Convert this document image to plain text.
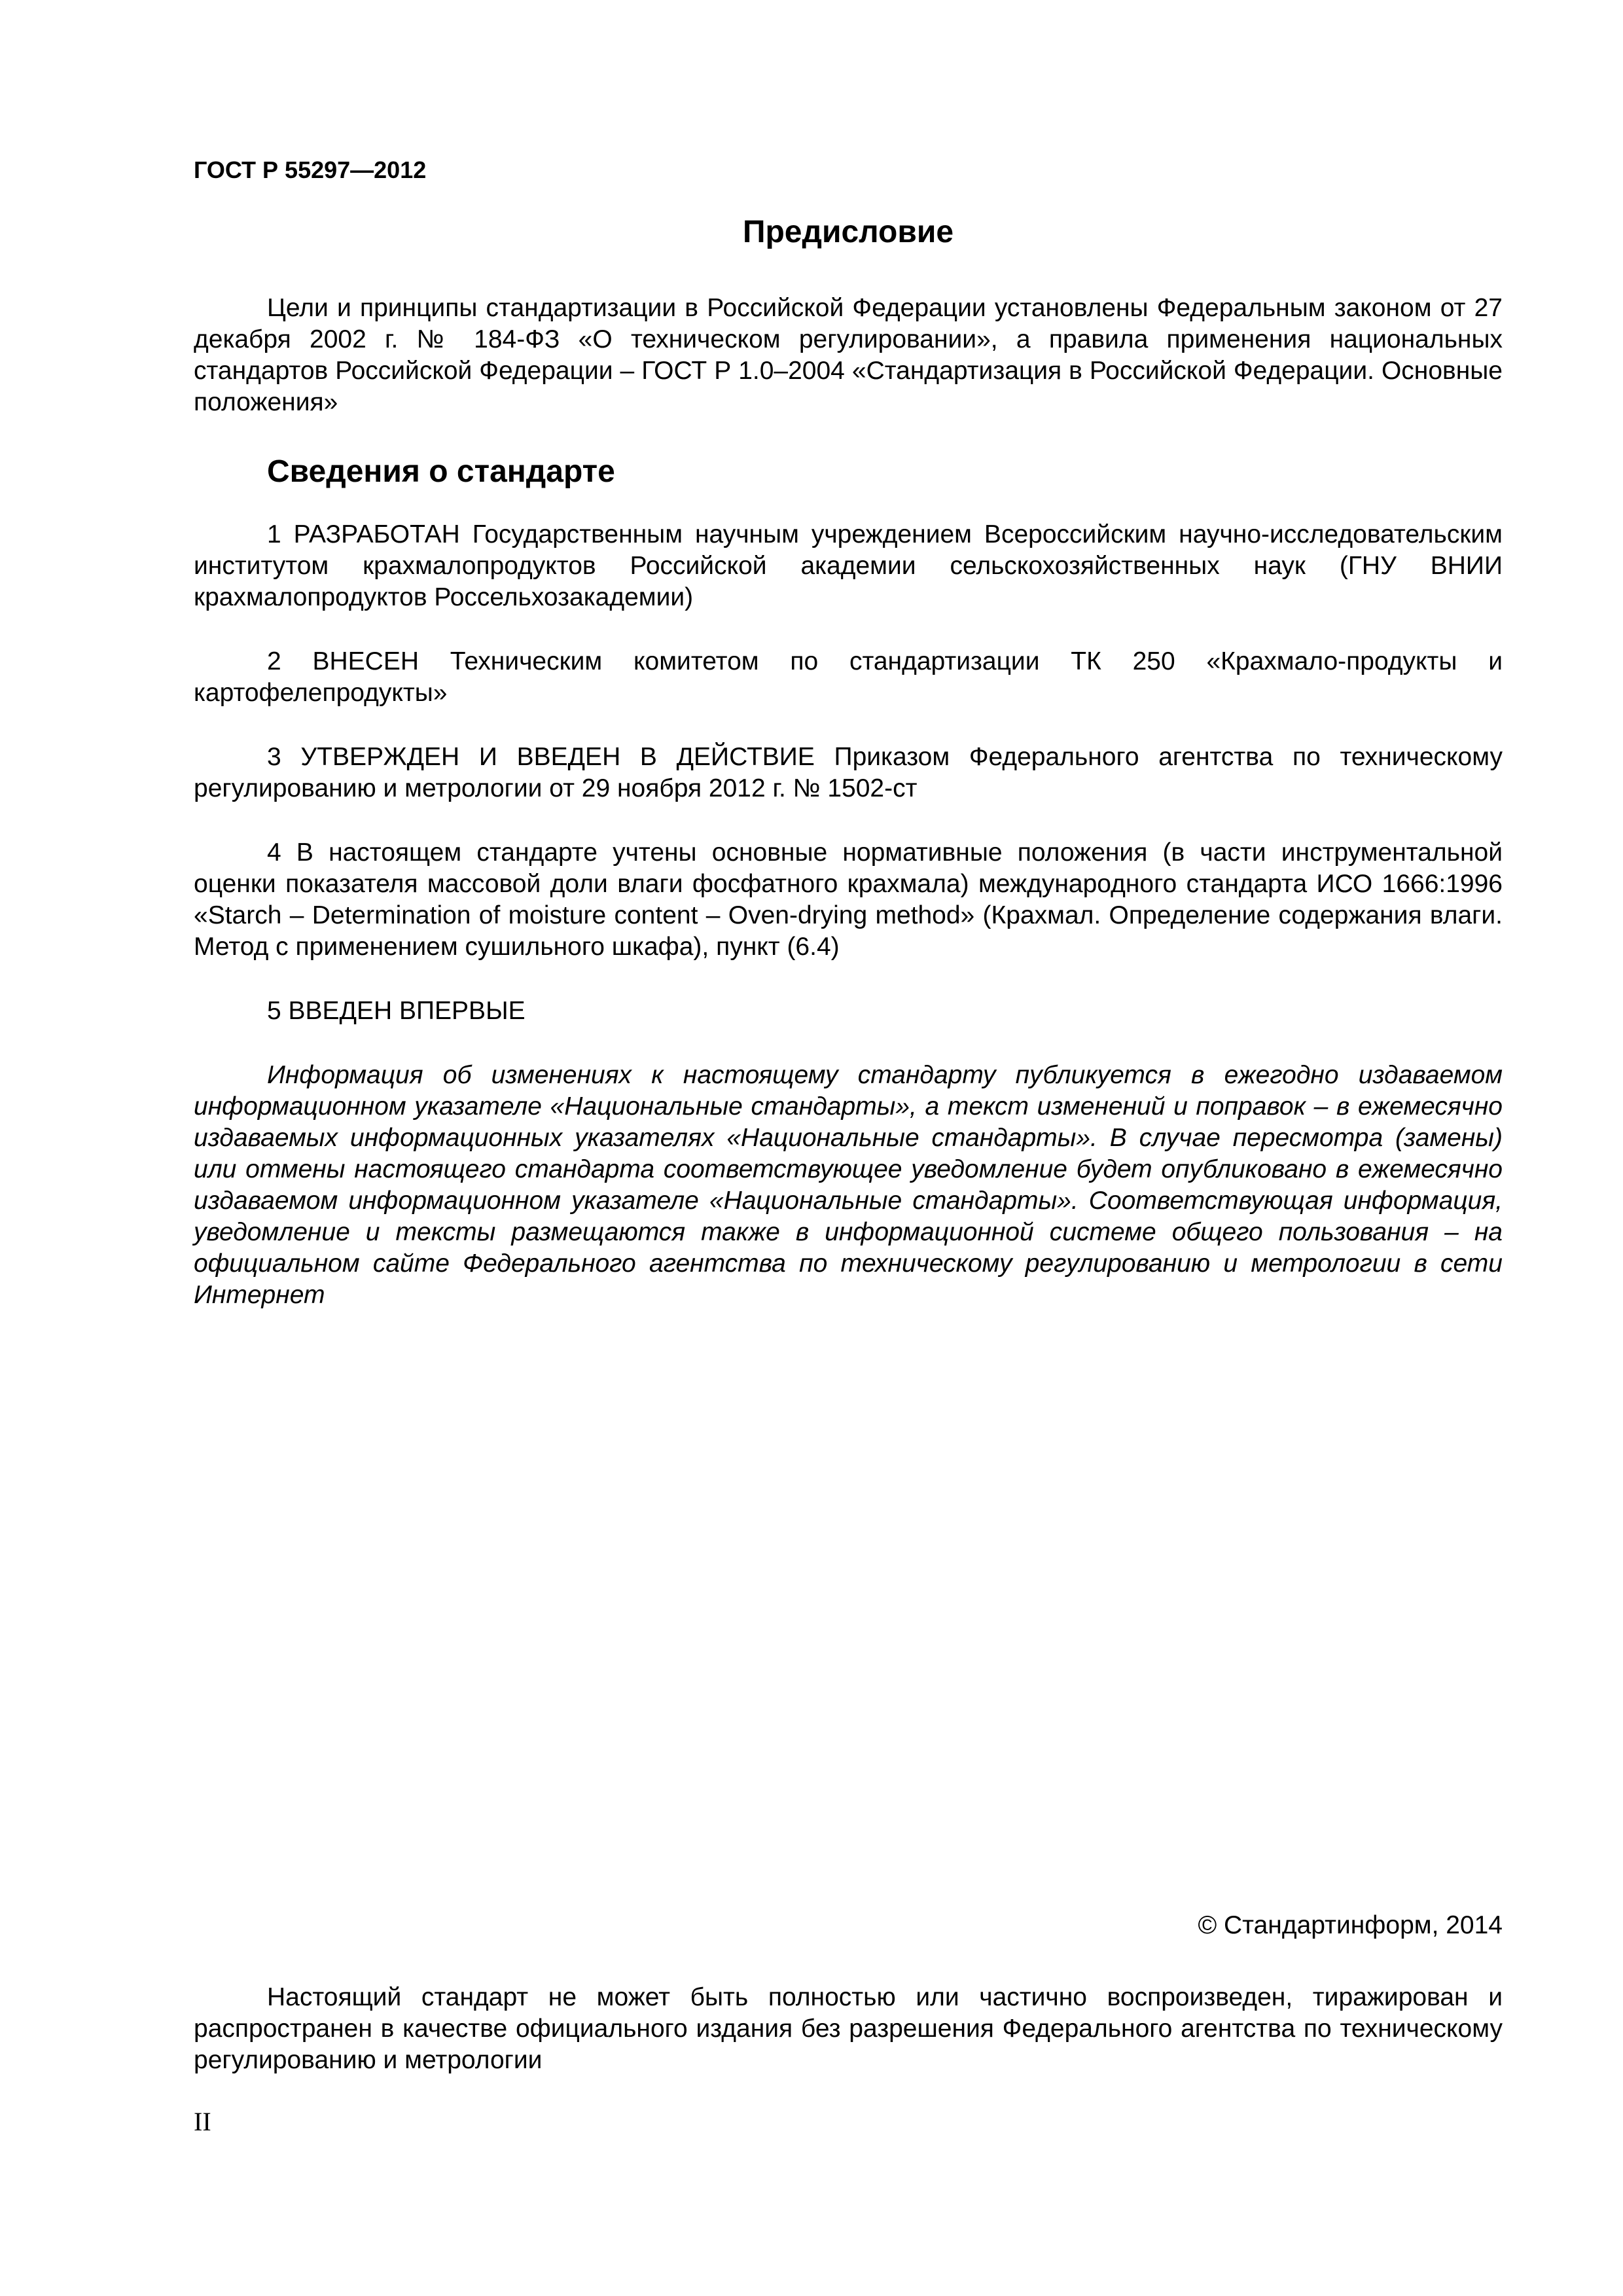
ГОСТ Р 55297—2012
Предисловие

Цели и принципы стандартизации в Российской Федерации установлены Федеральным законом от 27 декабря 2002 г. № 184-ФЗ «О техническом регулировании», а правила применения национальных стандартов Российской Федерации – ГОСТ Р 1.0–2004 «Стандартизация в Российской Федерации. Основные положения»

Сведения о стандарте

1 РАЗРАБОТАН Государственным научным учреждением Всероссийским научно-исследовательским институтом крахмалопродуктов Российской академии сельскохозяйственных наук (ГНУ ВНИИ крахмалопродуктов Россельхозакадемии)

2 ВНЕСЕН Техническим комитетом по стандартизации ТК 250 «Крахмало-продукты и картофелепродукты»

3 УТВЕРЖДЕН И ВВЕДЕН В ДЕЙСТВИЕ Приказом Федерального агентства по техническому регулированию и метрологии от 29 ноября 2012 г. № 1502-ст

4 В настоящем стандарте учтены основные нормативные положения (в части инструментальной оценки показателя массовой доли влаги фосфатного крахмала) международного стандарта ИСО 1666:1996 «Starch – Determination of moisture content – Oven-drying method» (Крахмал. Определение содержания влаги. Метод с применением сушильного шкафа), пункт (6.4)

5 ВВЕДЕН ВПЕРВЫЕ

Информация об изменениях к настоящему стандарту публикуется в ежегодно издаваемом информационном указателе «Национальные стандарты», а текст изменений и поправок – в ежемесячно издаваемых информационных указателях «Национальные стандарты». В случае пересмотра (замены) или отмены настоящего стандарта соответствующее уведомление будет опубликовано в ежемесячно издаваемом информационном указателе «Национальные стандарты». Соответствующая информация, уведомление и тексты размещаются также в информационной системе общего пользования – на официальном сайте Федерального агентства по техническому регулированию и метрологии в сети Интернет

© Стандартинформ, 2014
Настоящий стандарт не может быть полностью или частично воспроизведен, тиражирован и распространен в качестве официального издания без разрешения Федерального агентства по техническому регулированию и метрологии
II
